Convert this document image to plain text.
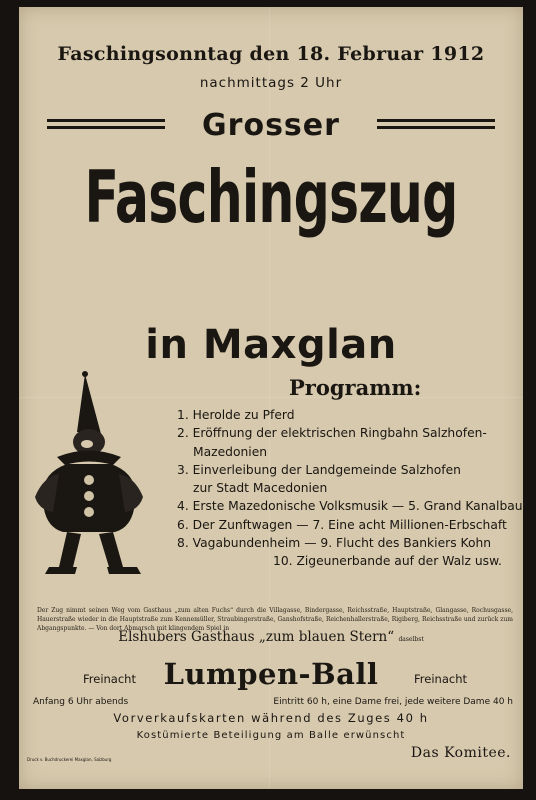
Faschingsonntag den 18. Februar 1912
nachmittags 2 Uhr
Grosser
Faschingszug
in Maxglan
Programm:
1. Herolde zu Pferd
2. Eröffnung der elektrischen Ringbahn Salzhofen-
Mazedonien
3. Einverleibung der Landgemeinde Salzhofen
zur Stadt Macedonien
4. Erste Mazedonische Volksmusik — 5. Grand Kanalbau
6. Der Zunftwagen — 7. Eine acht Millionen-Erbschaft
8. Vagabundenheim — 9. Flucht des Bankiers Kohn
10. Zigeunerbande auf der Walz usw.
Der Zug nimmt seinen Weg vom Gasthaus „zum alten Fuchs“ durch die Villagasse, Bindergasse, Reichsstraße, Hauptstraße, Glangasse, Rochusgasse, Hauerstraße wieder in die Hauptstraße zum Kennemüller, Straubingerstraße, Ganshofstraße, Reichenhallerstraße, Rigiberg, Reichsstraße und zurück zum Abgangspunkte. — Von dort Abmarsch mit klingendem Spiel in
Elshubers Gasthaus „zum blauen Stern“ daselbst
Freinacht Lumpen-Ball	Freinacht
Anfang 6 Uhr abends	Eintritt 60 h, eine Dame frei, jede weitere Dame 40 h
Vorverkaufskarten während des Zuges 40 h
Kostümierte Beteiligung am Balle erwünscht
Druck v. Buchdruckerei Maxglan, Salzburg	Das Komitee.
